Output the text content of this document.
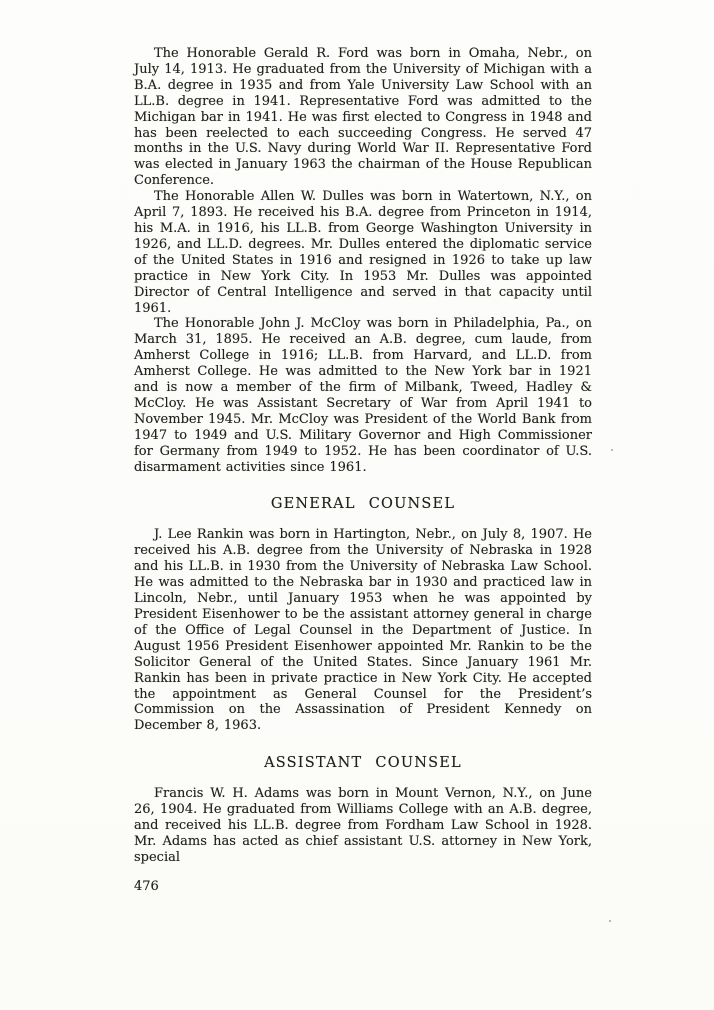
The Honorable Gerald R. Ford was born in Omaha, Nebr., on July 14, 1913. He graduated from the University of Michigan with a B.A. degree in 1935 and from Yale University Law School with an LL.B. degree in 1941. Representative Ford was admitted to the Michigan bar in 1941. He was first elected to Congress in 1948 and has been reelected to each succeeding Congress. He served 47 months in the U.S. Navy during World War II. Representative Ford was elected in January 1963 the chairman of the House Republican Conference.

The Honorable Allen W. Dulles was born in Watertown, N.Y., on April 7, 1893. He received his B.A. degree from Princeton in 1914, his M.A. in 1916, his LL.B. from George Washington University in 1926, and LL.D. degrees. Mr. Dulles entered the diplomatic service of the United States in 1916 and resigned in 1926 to take up law practice in New York City. In 1953 Mr. Dulles was appointed Director of Central Intelligence and served in that capacity until 1961.

The Honorable John J. McCloy was born in Philadelphia, Pa., on March 31, 1895. He received an A.B. degree, cum laude, from Amherst College in 1916; LL.B. from Harvard, and LL.D. from Amherst College. He was admitted to the New York bar in 1921 and is now a member of the firm of Milbank, Tweed, Hadley & McCloy. He was Assistant Secretary of War from April 1941 to November 1945. Mr. McCloy was President of the World Bank from 1947 to 1949 and U.S. Military Governor and High Commissioner for Germany from 1949 to 1952. He has been coordinator of U.S. disarmament activities since 1961.

GENERAL COUNSEL

J. Lee Rankin was born in Hartington, Nebr., on July 8, 1907. He received his A.B. degree from the University of Nebraska in 1928 and his LL.B. in 1930 from the University of Nebraska Law School. He was admitted to the Nebraska bar in 1930 and practiced law in Lincoln, Nebr., until January 1953 when he was appointed by President Eisenhower to be the assistant attorney general in charge of the Office of Legal Counsel in the Department of Justice. In August 1956 President Eisenhower appointed Mr. Rankin to be the Solicitor General of the United States. Since January 1961 Mr. Rankin has been in private practice in New York City. He accepted the appointment as General Counsel for the President’s Commission on the Assassination of President Kennedy on December 8, 1963.

ASSISTANT COUNSEL

Francis W. H. Adams was born in Mount Vernon, N.Y., on June 26, 1904. He graduated from Williams College with an A.B. degree, and received his LL.B. degree from Fordham Law School in 1928. Mr. Adams has acted as chief assistant U.S. attorney in New York, special

476
